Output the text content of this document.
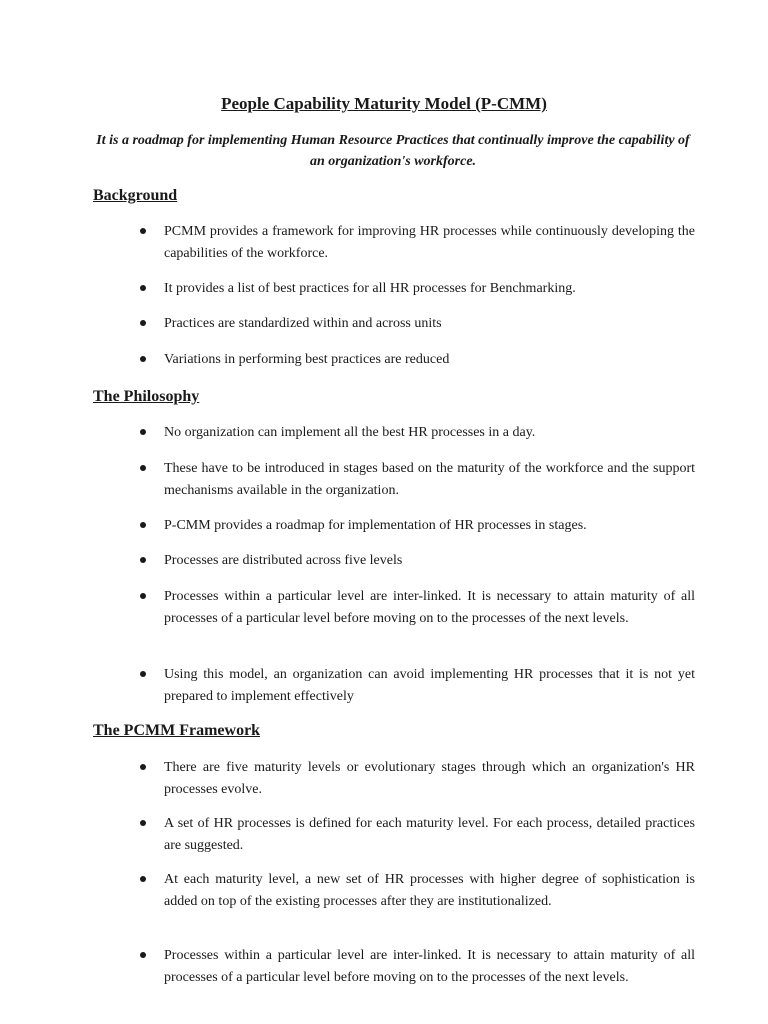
People Capability Maturity Model (P-CMM)
It is a roadmap for implementing Human Resource Practices that continually improve the capability of an organization's workforce.
Background
PCMM provides a framework for improving HR processes while continuously developing the capabilities of the workforce.
It provides a list of best practices for all HR processes for Benchmarking.
Practices are standardized within and across units
Variations in performing best practices are reduced
The Philosophy
No organization can implement all the best HR processes in a day.
These have to be introduced in stages based on the maturity of the workforce and the support mechanisms available in the organization.
P-CMM provides a roadmap for implementation of HR processes in stages.
Processes are distributed across five levels
Processes within a particular level are inter-linked. It is necessary to attain maturity of all processes of a particular level before moving on to the processes of the next levels.
Using this model, an organization can avoid implementing HR processes that it is not yet prepared to implement effectively
The PCMM Framework
There are five maturity levels or evolutionary stages through which an organization's HR processes evolve.
A set of HR processes is defined for each maturity level. For each process, detailed practices are suggested.
At each maturity level, a new set of HR processes with higher degree of sophistication is added on top of the existing processes after they are institutionalized.
Processes within a particular level are inter-linked. It is necessary to attain maturity of all processes of a particular level before moving on to the processes of the next levels.
